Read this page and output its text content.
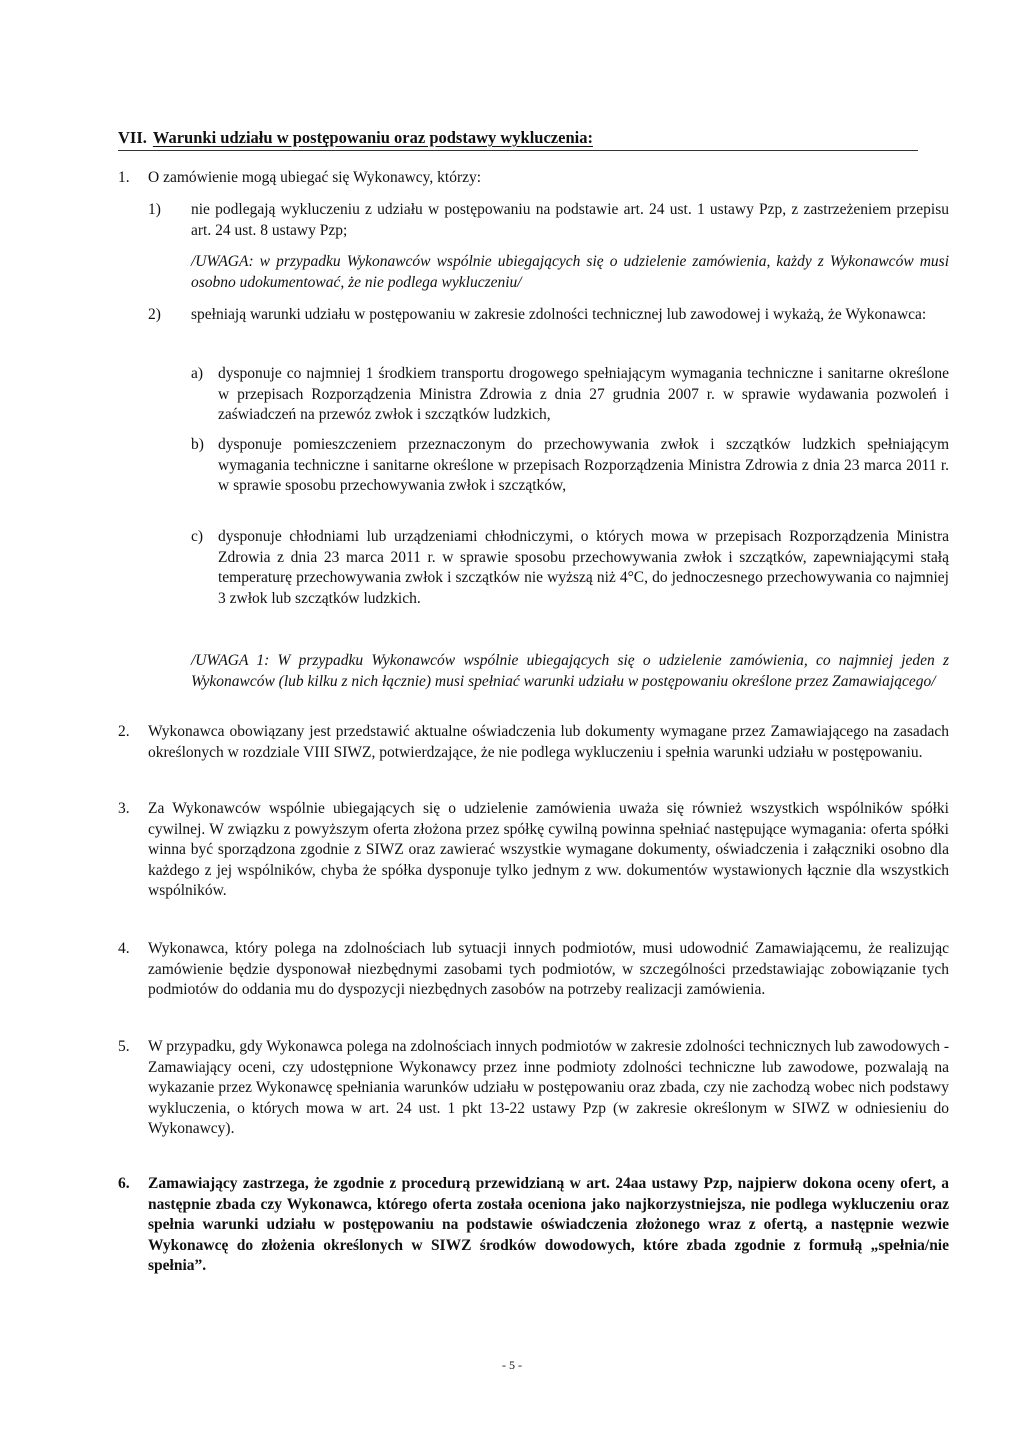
VII. Warunki udziału w postępowaniu oraz podstawy wykluczenia:

1. O zamówienie mogą ubiegać się Wykonawcy, którzy:

1) nie podlegają wykluczeniu z udziału w postępowaniu na podstawie art. 24 ust. 1 ustawy Pzp, z zastrzeżeniem przepisu art. 24 ust. 8 ustawy Pzp;

/UWAGA: w przypadku Wykonawców wspólnie ubiegających się o udzielenie zamówienia, każdy z Wykonawców musi osobno udokumentować, że nie podlega wykluczeniu/

2) spełniają warunki udziału w postępowaniu w zakresie zdolności technicznej lub zawodowej i wykażą, że Wykonawca:

a) dysponuje co najmniej 1 środkiem transportu drogowego spełniającym wymagania techniczne i sanitarne określone w przepisach Rozporządzenia Ministra Zdrowia z dnia 27 grudnia 2007 r. w sprawie wydawania pozwoleń i zaświadczeń na przewóz zwłok i szczątków ludzkich,

b) dysponuje pomieszczeniem przeznaczonym do przechowywania zwłok i szczątków ludzkich spełniającym wymagania techniczne i sanitarne określone w przepisach Rozporządzenia Ministra Zdrowia z dnia 23 marca 2011 r. w sprawie sposobu przechowywania zwłok i szczątków,

c) dysponuje chłodniami lub urządzeniami chłodniczymi, o których mowa w przepisach Rozporządzenia Ministra Zdrowia z dnia 23 marca 2011 r. w sprawie sposobu przechowywania zwłok i szczątków, zapewniającymi stałą temperaturę przechowywania zwłok i szczątków nie wyższą niż 4°C, do jednoczesnego przechowywania co najmniej 3 zwłok lub szczątków ludzkich.

/UWAGA 1: W przypadku Wykonawców wspólnie ubiegających się o udzielenie zamówienia, co najmniej jeden z Wykonawców (lub kilku z nich łącznie) musi spełniać warunki udziału w postępowaniu określone przez Zamawiającego/

2. Wykonawca obowiązany jest przedstawić aktualne oświadczenia lub dokumenty wymagane przez Zamawiającego na zasadach określonych w rozdziale VIII SIWZ, potwierdzające, że nie podlega wykluczeniu i spełnia warunki udziału w postępowaniu.

3. Za Wykonawców wspólnie ubiegających się o udzielenie zamówienia uważa się również wszystkich wspólników spółki cywilnej. W związku z powyższym oferta złożona przez spółkę cywilną powinna spełniać następujące wymagania: oferta spółki winna być sporządzona zgodnie z SIWZ oraz zawierać wszystkie wymagane dokumenty, oświadczenia i załączniki osobno dla każdego z jej wspólników, chyba że spółka dysponuje tylko jednym z ww. dokumentów wystawionych łącznie dla wszystkich wspólników.

4. Wykonawca, który polega na zdolnościach lub sytuacji innych podmiotów, musi udowodnić Zamawiającemu, że realizując zamówienie będzie dysponował niezbędnymi zasobami tych podmiotów, w szczególności przedstawiając zobowiązanie tych podmiotów do oddania mu do dyspozycji niezbędnych zasobów na potrzeby realizacji zamówienia.

5. W przypadku, gdy Wykonawca polega na zdolnościach innych podmiotów w zakresie zdolności technicznych lub zawodowych - Zamawiający oceni, czy udostępnione Wykonawcy przez inne podmioty zdolności techniczne lub zawodowe, pozwalają na wykazanie przez Wykonawcę spełniania warunków udziału w postępowaniu oraz zbada, czy nie zachodzą wobec nich podstawy wykluczenia, o których mowa w art. 24 ust. 1 pkt 13-22 ustawy Pzp (w zakresie określonym w SIWZ w odniesieniu do Wykonawcy).

6. Zamawiający zastrzega, że zgodnie z procedurą przewidzianą w art. 24aa ustawy Pzp, najpierw dokona oceny ofert, a następnie zbada czy Wykonawca, którego oferta została oceniona jako najkorzystniejsza, nie podlega wykluczeniu oraz spełnia warunki udziału w postępowaniu na podstawie oświadczenia złożonego wraz z ofertą, a następnie wezwie Wykonawcę do złożenia określonych w SIWZ środków dowodowych, które zbada zgodnie z formułą „spełnia/nie spełnia”.

- 5 -
